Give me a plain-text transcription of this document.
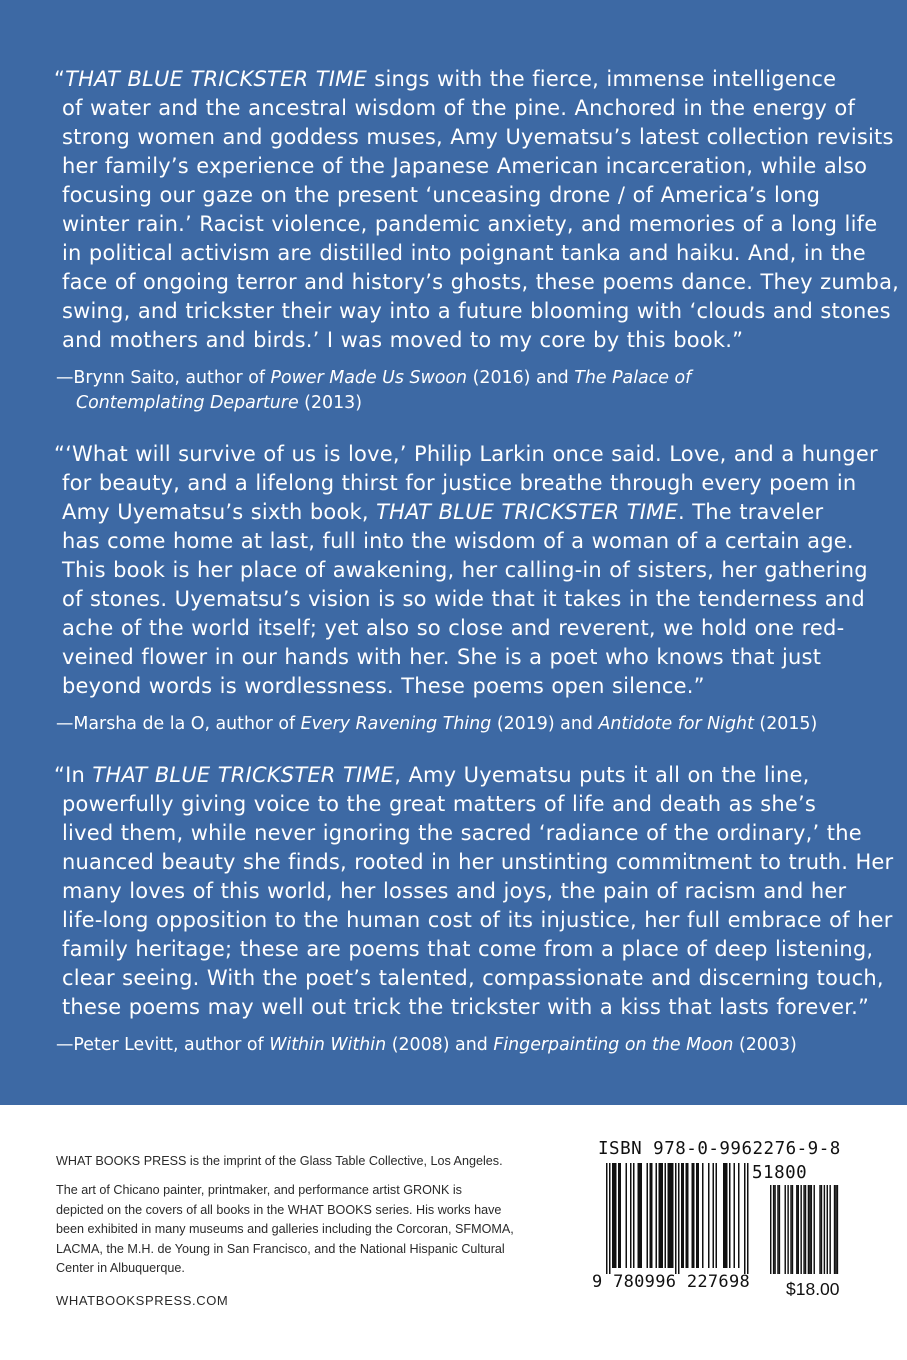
“THAT BLUE TRICKSTER TIME sings with the fierce, immense intelligence
of water and the ancestral wisdom of the pine. Anchored in the energy of
strong women and goddess muses, Amy Uyematsu’s latest collection revisits
her family’s experience of the Japanese American incarceration, while also
focusing our gaze on the present ‘unceasing drone / of America’s long
winter rain.’ Racist violence, pandemic anxiety, and memories of a long life
in political activism are distilled into poignant tanka and haiku. And, in the
face of ongoing terror and history’s ghosts, these poems dance. They zumba,
swing, and trickster their way into a future blooming with ‘clouds and stones
and mothers and birds.’ I was moved to my core by this book.”
—Brynn Saito, author of Power Made Us Swoon (2016) and The Palace of
Contemplating Departure (2013)
“‘What will survive of us is love,’ Philip Larkin once said. Love, and a hunger
for beauty, and a lifelong thirst for justice breathe through every poem in
Amy Uyematsu’s sixth book, THAT BLUE TRICKSTER TIME. The traveler
has come home at last, full into the wisdom of a woman of a certain age.
This book is her place of awakening, her calling-in of sisters, her gathering
of stones. Uyematsu’s vision is so wide that it takes in the tenderness and
ache of the world itself; yet also so close and reverent, we hold one red-
veined flower in our hands with her. She is a poet who knows that just
beyond words is wordlessness. These poems open silence.”
—Marsha de la O, author of Every Ravening Thing (2019) and Antidote for Night (2015)
“In THAT BLUE TRICKSTER TIME, Amy Uyematsu puts it all on the line,
powerfully giving voice to the great matters of life and death as she’s
lived them, while never ignoring the sacred ‘radiance of the ordinary,’ the
nuanced beauty she finds, rooted in her unstinting commitment to truth. Her
many loves of this world, her losses and joys, the pain of racism and her
life-long opposition to the human cost of its injustice, her full embrace of her
family heritage; these are poems that come from a place of deep listening,
clear seeing. With the poet’s talented, compassionate and discerning touch,
these poems may well out trick the trickster with a kiss that lasts forever.”
—Peter Levitt, author of Within Within (2008) and Fingerpainting on the Moon (2003)
WHAT BOOKS PRESS is the imprint of the Glass Table Collective, Los Angeles.
The art of Chicano painter, printmaker, and performance artist GRONK is
depicted on the covers of all books in the WHAT BOOKS series. His works have
been exhibited in many museums and galleries including the Corcoran, SFMOMA,
LACMA, the M.H. de Young in San Francisco, and the National Hispanic Cultural
Center in Albuquerque.
WHATBOOKSPRESS.COM
ISBN 978-0-9962276-9-8
51800
9 780996 227698 $18.00
